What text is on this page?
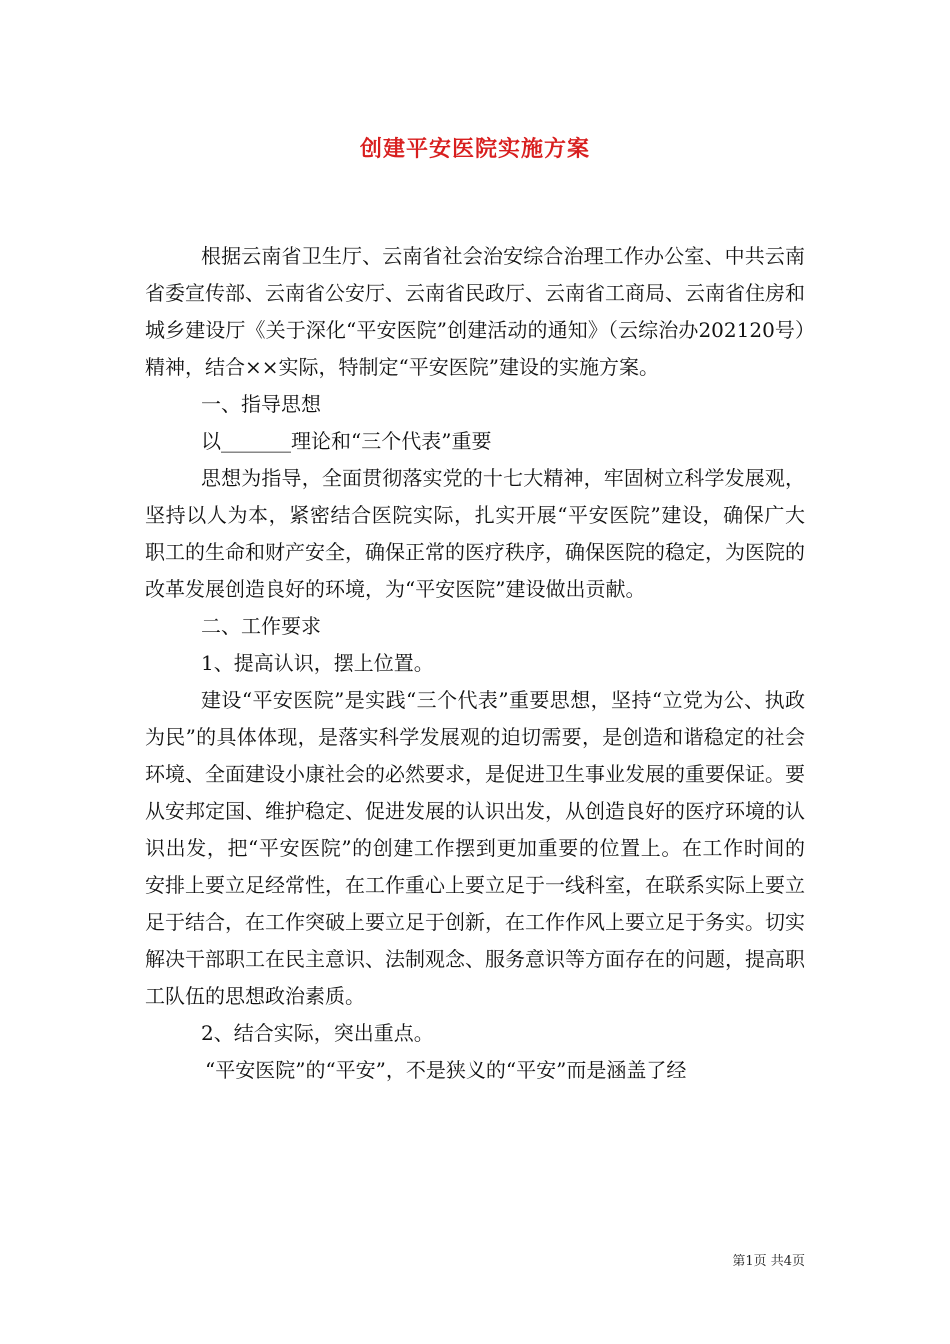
创建平安医院实施方案

根据云南省卫生厅、云南省社会治安综合治理工作办公室、中共云南省委宣传部、云南省公安厅、云南省民政厅、云南省工商局、云南省住房和城乡建设厅《关于深化“平安医院”创建活动的通知》（云综治办202120号）精神，结合××实际，特制定“平安医院”建设的实施方案。

一、指导思想

以_______理论和“三个代表”重要

思想为指导，全面贯彻落实党的十七大精神，牢固树立科学发展观，坚持以人为本，紧密结合医院实际，扎实开展“平安医院”建设，确保广大职工的生命和财产安全，确保正常的医疗秩序，确保医院的稳定，为医院的改革发展创造良好的环境，为“平安医院”建设做出贡献。

二、工作要求

1、提高认识，摆上位置。

建设“平安医院”是实践“三个代表”重要思想，坚持“立党为公、执政为民”的具体体现，是落实科学发展观的迫切需要，是创造和谐稳定的社会环境、全面建设小康社会的必然要求，是促进卫生事业发展的重要保证。要从安邦定国、维护稳定、促进发展的认识出发，从创造良好的医疗环境的认识出发，把“平安医院”的创建工作摆到更加重要的位置上。在工作时间的安排上要立足经常性，在工作重心上要立足于一线科室，在联系实际上要立足于结合，在工作突破上要立足于创新，在工作作风上要立足于务实。切实解决干部职工在民主意识、法制观念、服务意识等方面存在的问题，提高职工队伍的思想政治素质。

2、结合实际，突出重点。

“平安医院”的“平安”，不是狭义的“平安”而是涵盖了经

第1页 共4页
